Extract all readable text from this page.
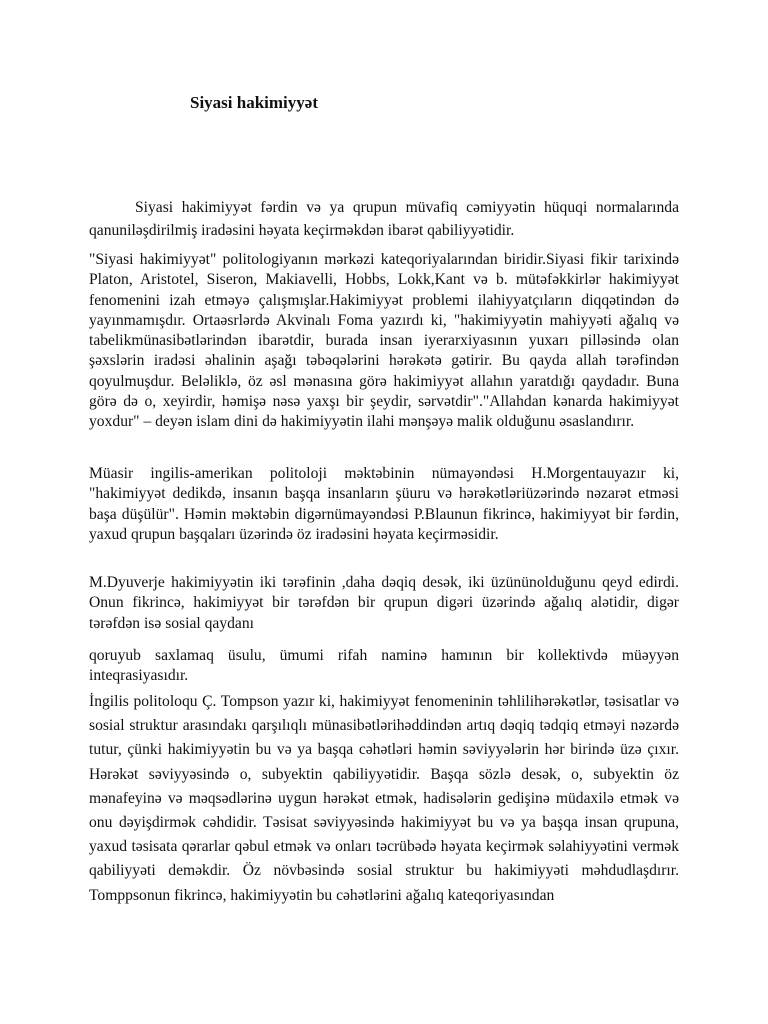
Siyasi hakimiyyət

Siyasi hakimiyyət fərdin və ya qrupun müvafiq cəmiyyətin hüquqi normalarında qanuniləşdirilmiş iradəsini həyata keçirməkdən ibarət qabiliyyətidir.

"Siyasi hakimiyyət" politologiyanın mərkəzi kateqoriyalarından biridir.Siyasi fikir tarixində Platon, Aristotel, Siseron, Makiavelli, Hobbs, Lokk,Kant və b. mütəfəkkirlər hakimiyyət fenomenini izah etməyə çalışmışlar.Hakimiyyət problemi ilahiyyatçıların diqqətindən də yayınmamışdır. Ortaəsrlərdə Akvinalı Foma yazırdı ki, "hakimiyyətin mahiyyəti ağalıq və tabelikmünasibətlərindən ibarətdir, burada insan iyerarxiyasının yuxarı pilləsində olan şəxslərin iradəsi əhalinin aşağı təbəqələrini hərəkətə gətirir. Bu qayda allah tərəfindən qoyulmuşdur. Beləliklə, öz əsl mənasına görə hakimiyyət allahın yaratdığı qaydadır. Buna görə də o, xeyirdir, həmişə nəsə yaxşı bir şeydir, sərvətdir"."Allahdan kənarda hakimiyyət yoxdur" – deyən islam dini də hakimiyyətin ilahi mənşəyə malik olduğunu əsaslandırır.

Müasir ingilis-amerikan politoloji məktəbinin nümayəndəsi H.Morgentauyazır ki, "hakimiyyət dedikdə, insanın başqa insanların şüuru və hərəkətləriüzərində nəzarət etməsi başa düşülür". Həmin məktəbin digərnümayəndəsi P.Blaunun fikrincə, hakimiyyət bir fərdin, yaxud qrupun başqaları üzərində öz iradəsini həyata keçirməsidir.

M.Dyuverje hakimiyyətin iki tərəfinin ,daha dəqiq desək, iki üzününolduğunu qeyd edirdi. Onun fikrincə, hakimiyyət bir tərəfdən bir qrupun digəri üzərində ağalıq alətidir, digər tərəfdən isə sosial qaydanı

qoruyub saxlamaq üsulu, ümumi rifah naminə hamının bir kollektivdə müəyyən inteqrasiyasıdır.

İngilis politoloqu Ç. Tompson yazır ki, hakimiyyət fenomeninin təhlilihərəkətlər, təsisatlar və sosial struktur arasındakı qarşılıqlı münasibətlərihəddindən artıq dəqiq tədqiq etməyi nəzərdə tutur, çünki hakimiyyətin bu və ya başqa cəhətləri həmin səviyyələrin hər birində üzə çıxır. Hərəkət səviyyəsində o, subyektin qabiliyyətidir. Başqa sözlə desək, o, subyektin öz mənafeyinə və məqsədlərinə uygun hərəkət etmək, hadisələrin gedişinə müdaxilə etmək və onu dəyişdirmək cəhdidir. Təsisat səviyyəsində hakimiyyət bu və ya başqa insan qrupuna, yaxud təsisata qərarlar qəbul etmək və onları təcrübədə həyata keçirmək səlahiyyətini vermək qabiliyyəti deməkdir. Öz növbəsində sosial struktur bu hakimiyyəti məhdudlaşdırır. Tomppsonun fikrincə, hakimiyyətin bu cəhətlərini ağalıq kateqoriyasından
